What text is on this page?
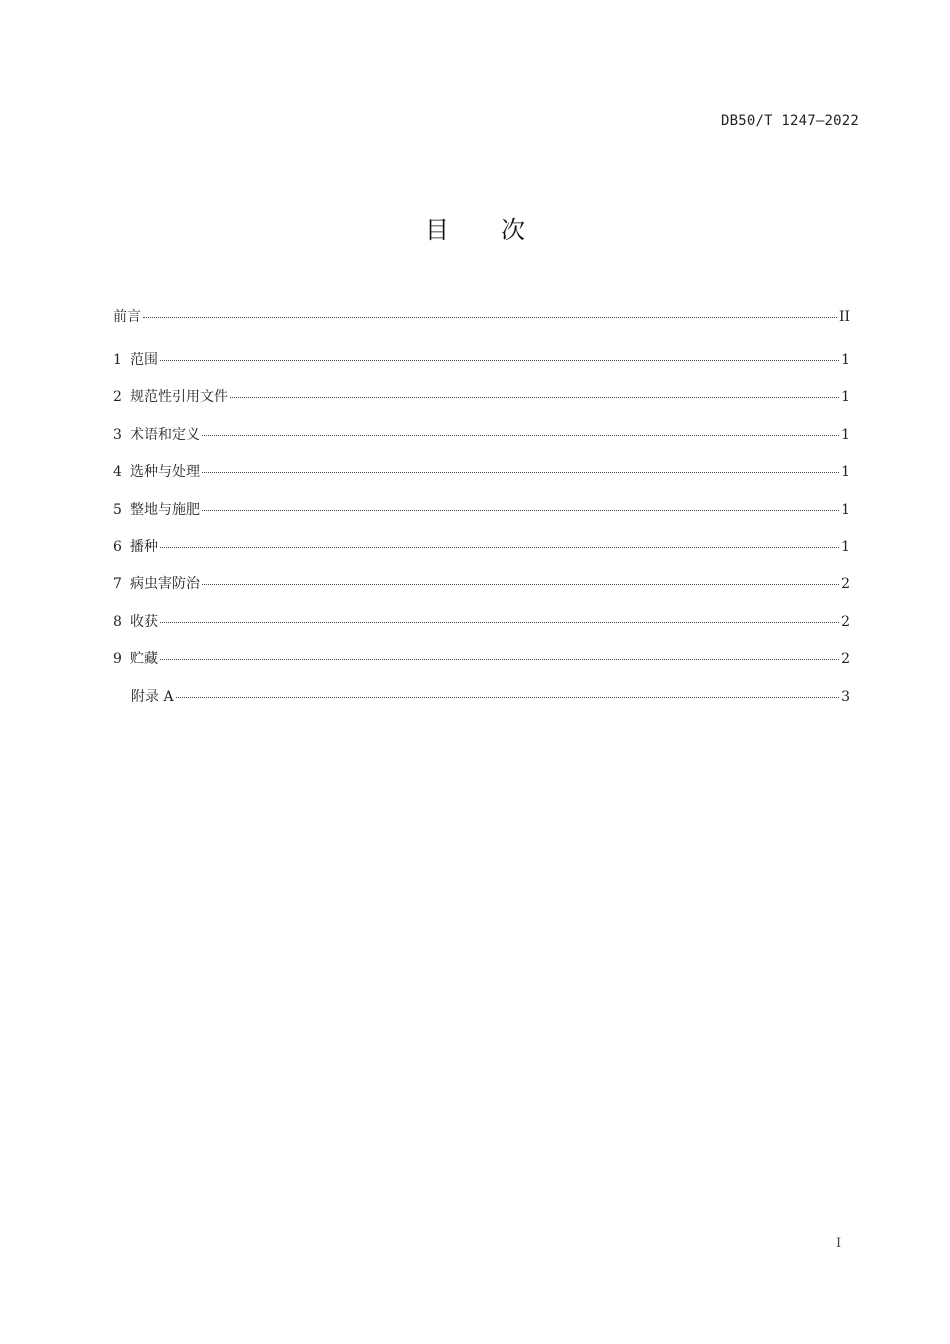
DB50/T 1247—2022
目次
前言	II
1 范围	1
2 规范性引用文件	1
3 术语和定义	1
4 选种与处理	1
5 整地与施肥	1
6 播种	1
7 病虫害防治	2
8 收获	2
9 贮藏	2
附录 A	3
I
